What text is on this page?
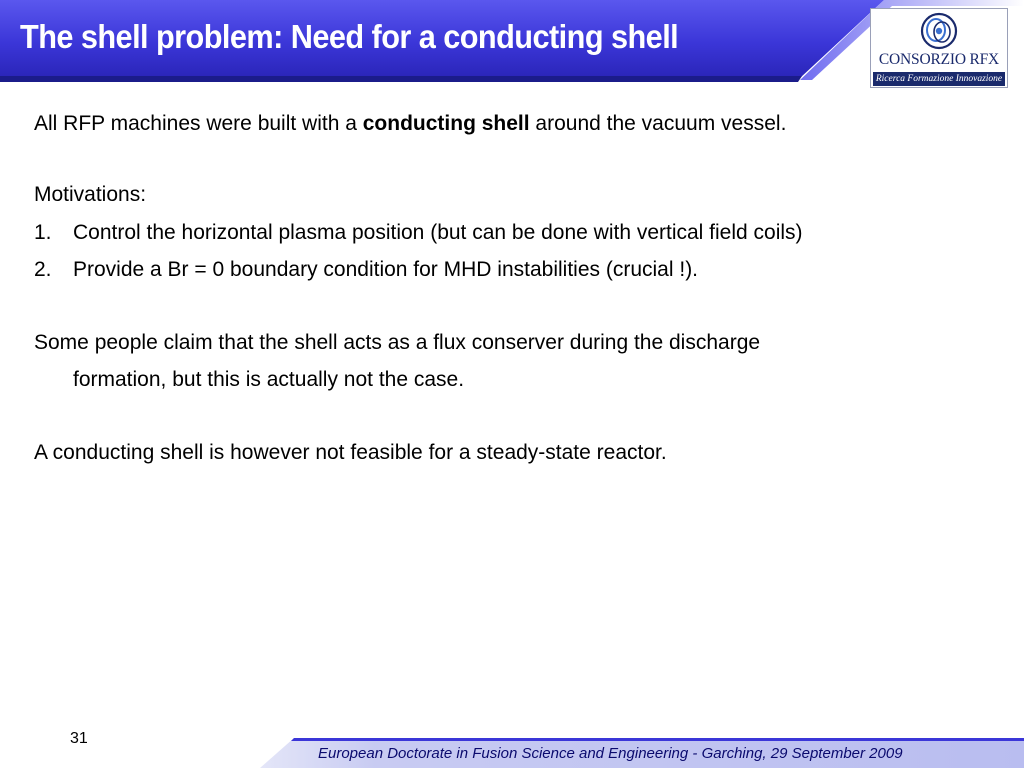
The shell problem: Need for a conducting shell
CONSORZIO RFX
Ricerca Formazione Innovazione
All RFP machines were built with a conducting shell around the vacuum vessel.
Motivations:
1. Control the horizontal plasma position (but can be done with vertical field coils)
2. Provide a Br = 0 boundary condition for MHD instabilities (crucial !).
Some people claim that the shell acts as a flux conserver during the discharge
formation, but this is actually not the case.
A conducting shell is however not feasible for a steady-state reactor.
31
European Doctorate in Fusion Science and Engineering - Garching, 29 September 2009
